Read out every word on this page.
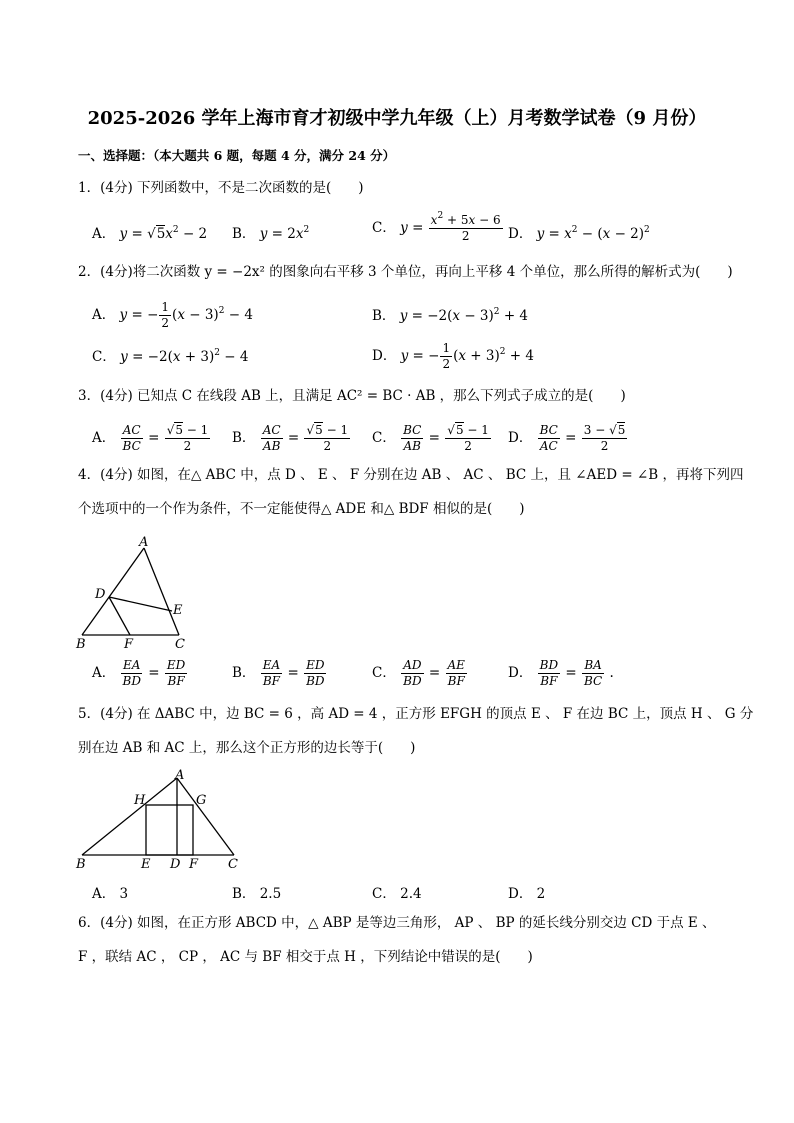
2025-2026 学年上海市育才初级中学九年级（上）月考数学试卷（9 月份）
一、选择题：（本大题共 6 题，每题 4 分，满分 24 分）
1．(4分) 下列函数中，不是二次函数的是(　　)
A． $y = √5x^2 - 2$ B． $y = 2x^2$	C． $y = \frac{x^2 + 5x - 6}{2}$ D． $y = x^2 - (x - 2)^2$
2．(4分)将二次函数 y = −2x² 的图象向右平移 3 个单位，再向上平移 4 个单位，那么所得的解析式为(　　)
A． y = − $\frac{1}{2} (x - 3)^2 - 4$	B． $y = -2(x - 3)^2 + 4$
C． $y = -2(x + 3)^2 - 4$	D． y = − $\frac{1}{2} (x + 3)^2 + 4$
3．(4分) 已知点 C 在线段 AB 上，且满足 AC² = BC · AB ，那么下列式子成立的是(　　)
A． $\frac{AC}{BC} = \frac{√5 - 1}{2}$ B． $\frac{AC}{AB} = \frac{√5 - 1}{2}$ C． $\frac{BC}{AB} = \frac{√5 - 1}{2}$ D． $\frac{BC}{AC} = \frac{3 - √5}{2}$
4．(4分) 如图，在△ ABC 中，点 D 、 E 、 F 分别在边 AB 、 AC 、 BC 上，且 ∠AED = ∠B ，再将下列四
个选项中的一个作为条件，不一定能使得△ ADE 和△ BDF 相似的是(　　)
A
D
E
B	F	C
A． $\frac{EA}{BD} = \frac{ED}{BF}$	B． $\frac{EA}{BF} = \frac{ED}{BD}$	C． $\frac{AD}{BD} = \frac{AE}{BF}$	D． $\frac{BD}{BF} = \frac{BA}{BC}$ .
5．(4分) 在 ΔABC 中，边 BC = 6 ，高 AD = 4 ，正方形 EFGH 的顶点 E 、 F 在边 BC 上，顶点 H 、 G 分
别在边 AB 和 AC 上，那么这个正方形的边长等于(　　)
A
H	G
B	E D F C
A． 3	B． 2.5	C． 2.4	D． 2
6．(4分) 如图，在正方形 ABCD 中，△ ABP 是等边三角形， AP 、 BP 的延长线分别交边 CD 于点 E 、
F ，联结 AC ， CP ， AC 与 BF 相交于点 H ，下列结论中错误的是(　　)
